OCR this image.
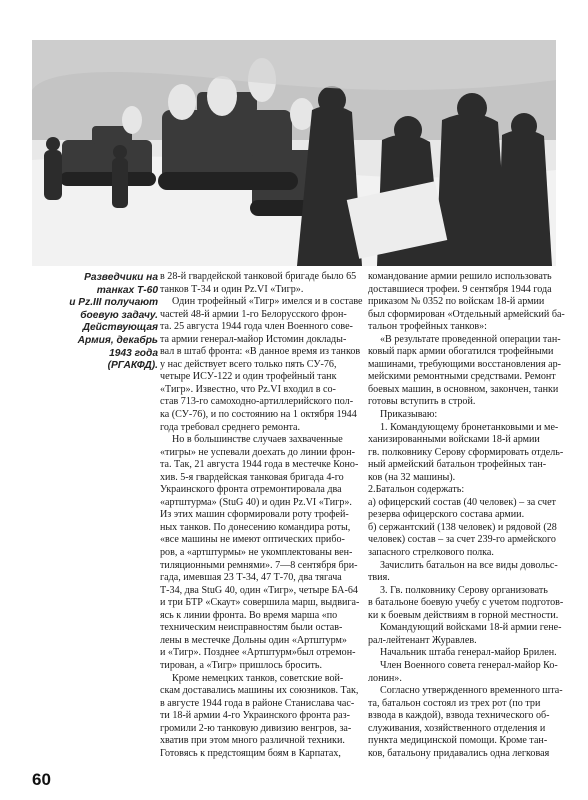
Разведчики на
танках Т-60
и Pz.III получают
боевую задачу.
Действующая
Армия, декабрь
1943 года
(РГАКФД).
в 28-й гвардейской танковой бригаде было 65
танков Т-34 и один Pz.VI «Тигр».
Один трофейный «Тигр» имелся и в составе
частей 48-й армии 1-го Белорусского фрон-
та. 25 августа 1944 года член Военного сове-
та армии генерал-майор Истомин доклады-
вал в штаб фронта: «В данное время из танков
у нас действует всего только пять СУ-76,
четыре ИСУ-122 и один трофейный танк
«Тигр». Известно, что Pz.VI входил в со-
став 713-го самоходно-артиллерийского пол-
ка (СУ-76), и по состоянию на 1 октября 1944
года требовал среднего ремонта.
Но в большинстве случаев захваченные
«тигры» не успевали доехать до линии фрон-
та. Так, 21 августа 1944 года в местечке Коно-
хив. 5-я гвардейская танковая бригада 4-го
Украинского фронта отремонтировала два
«артштурма» (StuG 40) и один Pz.VI «Тигр».
Из этих машин сформировали роту трофей-
ных танков. По донесению командира роты,
«все машины не имеют оптических прибо-
ров, а «артштурмы» не укомплектованы вен-
тиляционными ремнями». 7—8 сентября бри-
гада, имевшая 23 Т-34, 47 Т-70, два тягача
Т-34, два StuG 40, один «Тигр», четыре БА-64
и три БТР «Скаут» совершила марш, выдвига-
ясь к линии фронта. Во время марша «по
техническим неисправностям были остав-
лены в местечке Дольны один «Артштурм»
и «Тигр». Позднее «Артштурм»был отремон-
тирован, а «Тигр» пришлось бросить.
Кроме немецких танков, советские вой-
скам доставались машины их союзников. Так,
в августе 1944 года в районе Станислава час-
ти 18-й армии 4-го Украинского фронта раз-
громили 2-ю танковую дивизию венгров, за-
хватив при этом много различной техники.
Готовясь к предстоящим боям в Карпатах,
командование армии решило использовать
доставшиеся трофеи. 9 сентября 1944 года
приказом № 0352 по войскам 18-й армии
был сформирован «Отдельный армейский ба-
тальон трофейных танков»:
«В результате проведенной операции тан-
ковый парк армии обогатился трофейными
машинами, требующими восстановления ар-
мейскими ремонтными средствами. Ремонт
боевых машин, в основном, закончен, танки
готовы вступить в строй.
Приказываю:
1. Командующему бронетанковыми и ме-
ханизированными войсками 18-й армии
гв. полковнику Серову сформировать отдель-
ный армейский батальон трофейных тан-
ков (на 32 машины).
2.Батальон содержать:
а) офицерский состав (40 человек) – за счет
резерва офицерского состава армии.
б) сержантский (138 человек) и рядовой (28
человек) состав – за счет 239-го армейского
запасного стрелкового полка.
Зачислить батальон на все виды довольс-
твия.
3. Гв. полковнику Серову организовать
в батальоне боевую учебу с учетом подготов-
ки к боевым действиям в горной местности.
Командующий войсками 18-й армии гене-
рал-лейтенант Журавлев.
Начальник штаба генерал-майор Брилен.
Член Военного совета генерал-майор Ко-
лонин».
Согласно утвержденного временного шта-
та, батальон состоял из трех рот (по три
взвода в каждой), взвода технического об-
служивания, хозяйственного отделения и
пункта медицинской помощи. Кроме тан-
ков, батальону придавались одна легковая
60
